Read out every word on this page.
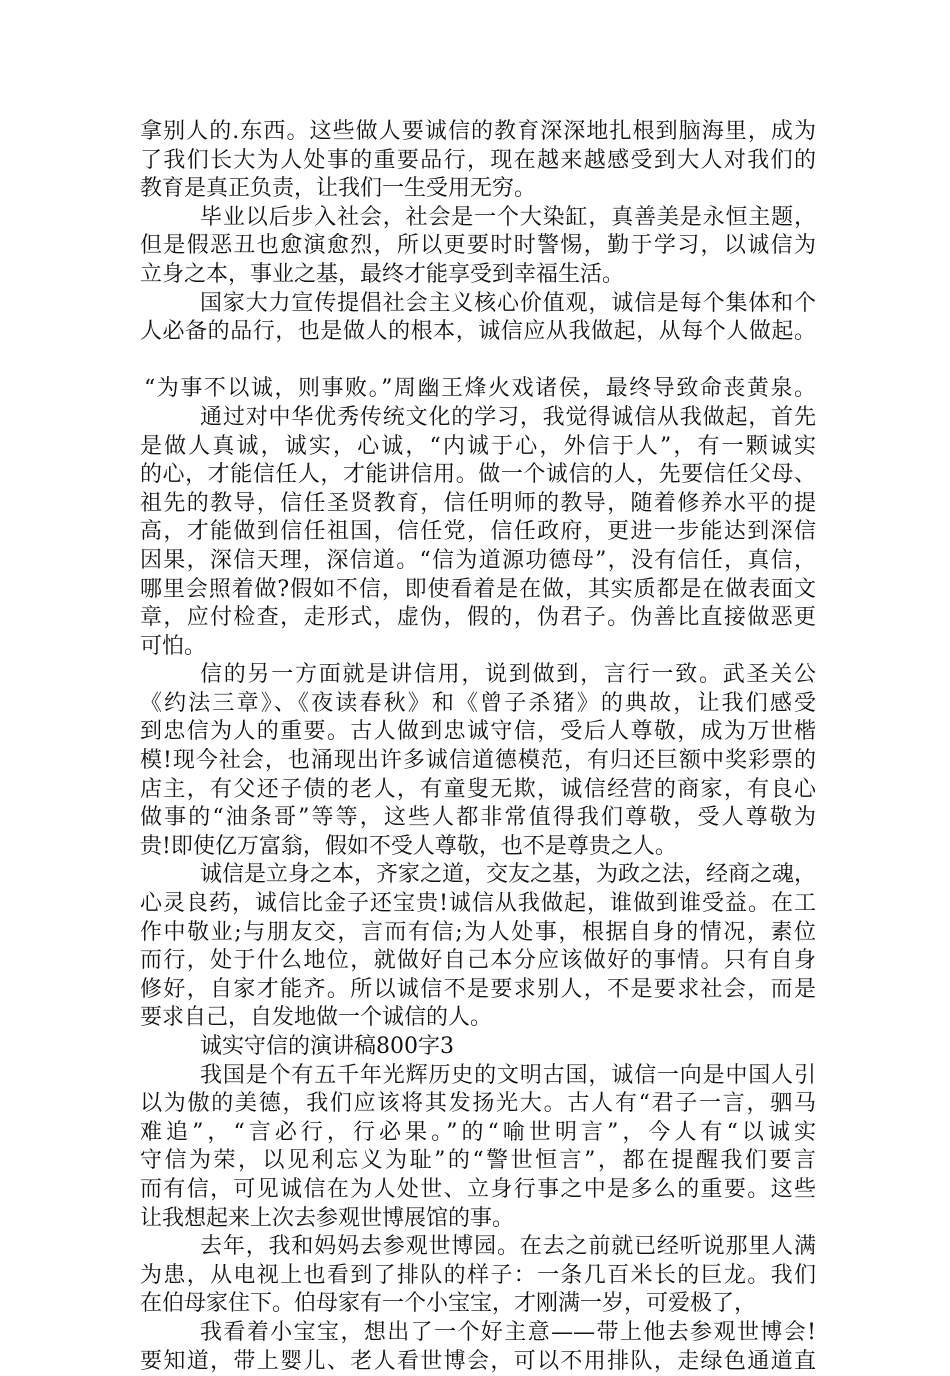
拿别人的.东西。这些做人要诚信的教育深深地扎根到脑海里，成为
了我们长大为人处事的重要品行，现在越来越感受到大人对我们的
教育是真正负责，让我们一生受用无穷。
毕业以后步入社会，社会是一个大染缸，真善美是永恒主题，
但是假恶丑也愈演愈烈，所以更要时时警惕，勤于学习，以诚信为
立身之本，事业之基，最终才能享受到幸福生活。
国家大力宣传提倡社会主义核心价值观，诚信是每个集体和个
人必备的品行，也是做人的根本，诚信应从我做起，从每个人做起。
“为事不以诚，则事败。”周幽王烽火戏诸侯，最终导致命丧黄泉。
通过对中华优秀传统文化的学习，我觉得诚信从我做起，首先
是做人真诚，诚实，心诚，“内诚于心，外信于人”，有一颗诚实
的心，才能信任人，才能讲信用。做一个诚信的人，先要信任父母、
祖先的教导，信任圣贤教育，信任明师的教导，随着修养水平的提
高，才能做到信任祖国，信任党，信任政府，更进一步能达到深信
因果，深信天理，深信道。“信为道源功德母”，没有信任，真信，
哪里会照着做?假如不信，即使看着是在做，其实质都是在做表面文
章，应付检查，走形式，虚伪，假的，伪君子。伪善比直接做恶更
可怕。
信的另一方面就是讲信用，说到做到，言行一致。武圣关公
《约法三章》、《夜读春秋》和《曾子杀猪》的典故，让我们感受
到忠信为人的重要。古人做到忠诚守信，受后人尊敬，成为万世楷
模!现今社会，也涌现出许多诚信道德模范，有归还巨额中奖彩票的
店主，有父还子债的老人，有童叟无欺，诚信经营的商家，有良心
做事的“油条哥”等等，这些人都非常值得我们尊敬，受人尊敬为
贵!即使亿万富翁，假如不受人尊敬，也不是尊贵之人。
诚信是立身之本，齐家之道，交友之基，为政之法，经商之魂，
心灵良药，诚信比金子还宝贵!诚信从我做起，谁做到谁受益。在工
作中敬业;与朋友交，言而有信;为人处事，根据自身的情况，素位
而行，处于什么地位，就做好自己本分应该做好的事情。只有自身
修好，自家才能齐。所以诚信不是要求别人，不是要求社会，而是
要求自己，自发地做一个诚信的人。
诚实守信的演讲稿800字3
我国是个有五千年光辉历史的文明古国，诚信一向是中国人引
以为傲的美德，我们应该将其发扬光大。古人有“君子一言，驷马
难追”，“言必行，行必果。”的“喻世明言”，今人有“以诚实
守信为荣，以见利忘义为耻”的“警世恒言”，都在提醒我们要言
而有信，可见诚信在为人处世、立身行事之中是多么的重要。这些
让我想起来上次去参观世博展馆的事。
去年，我和妈妈去参观世博园。在去之前就已经听说那里人满
为患，从电视上也看到了排队的样子：一条几百米长的巨龙。我们
在伯母家住下。伯母家有一个小宝宝，才刚满一岁，可爱极了，
我看着小宝宝，想出了一个好主意——带上他去参观世博会!
要知道，带上婴儿、老人看世博会，可以不用排队，走绿色通道直
